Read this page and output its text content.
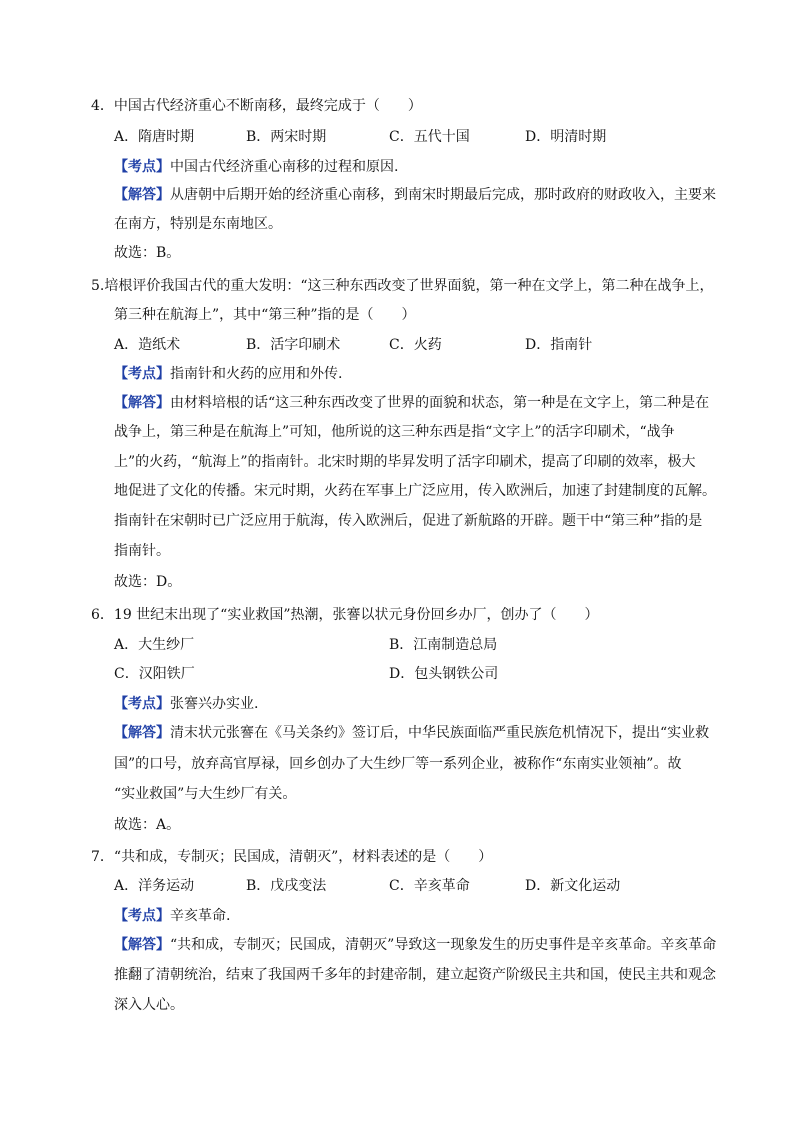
4．中国古代经济重心不断南移，最终完成于（　　）
A．隋唐时期	B．两宋时期	C．五代十国	D．明清时期
【考点】中国古代经济重心南移的过程和原因.
【解答】从唐朝中后期开始的经济重心南移，到南宋时期最后完成，那时政府的财政收入，主要来
在南方，特别是东南地区。
故选：B。
5.培根评价我国古代的重大发明：“这三种东西改变了世界面貌，第一种在文学上，第二种在战争上，
第三种在航海上”，其中“第三种”指的是（　　）
A．造纸术	B．活字印刷术	C．火药	D．指南针
【考点】指南针和火药的应用和外传.
【解答】由材料培根的话“这三种东西改变了世界的面貌和状态，第一种是在文字上，第二种是在
战争上，第三种是在航海上”可知，他所说的这三种东西是指“文字上”的活字印刷术，“战争
上”的火药，“航海上”的指南针。北宋时期的毕昇发明了活字印刷术，提高了印刷的效率，极大
地促进了文化的传播。宋元时期，火药在军事上广泛应用，传入欧洲后，加速了封建制度的瓦解。
指南针在宋朝时已广泛应用于航海，传入欧洲后，促进了新航路的开辟。题干中“第三种”指的是
指南针。
故选：D。
6．19 世纪末出现了“实业救国”热潮，张謇以状元身份回乡办厂，创办了（　　）
A．大生纱厂	B．江南制造总局
C．汉阳铁厂	D．包头钢铁公司
【考点】张謇兴办实业.
【解答】清末状元张謇在《马关条约》签订后，中华民族面临严重民族危机情况下，提出“实业救
国”的口号，放弃高官厚禄，回乡创办了大生纱厂等一系列企业，被称作“东南实业领袖”。故
“实业救国”与大生纱厂有关。
故选：A。
7．“共和成，专制灭；民国成，清朝灭”，材料表述的是（　　）
A．洋务运动	B．戊戌变法	C．辛亥革命	D．新文化运动
【考点】辛亥革命.
【解答】“共和成，专制灭；民国成，清朝灭”导致这一现象发生的历史事件是辛亥革命。辛亥革命
推翻了清朝统治，结束了我国两千多年的封建帝制，建立起资产阶级民主共和国，使民主共和观念
深入人心。
